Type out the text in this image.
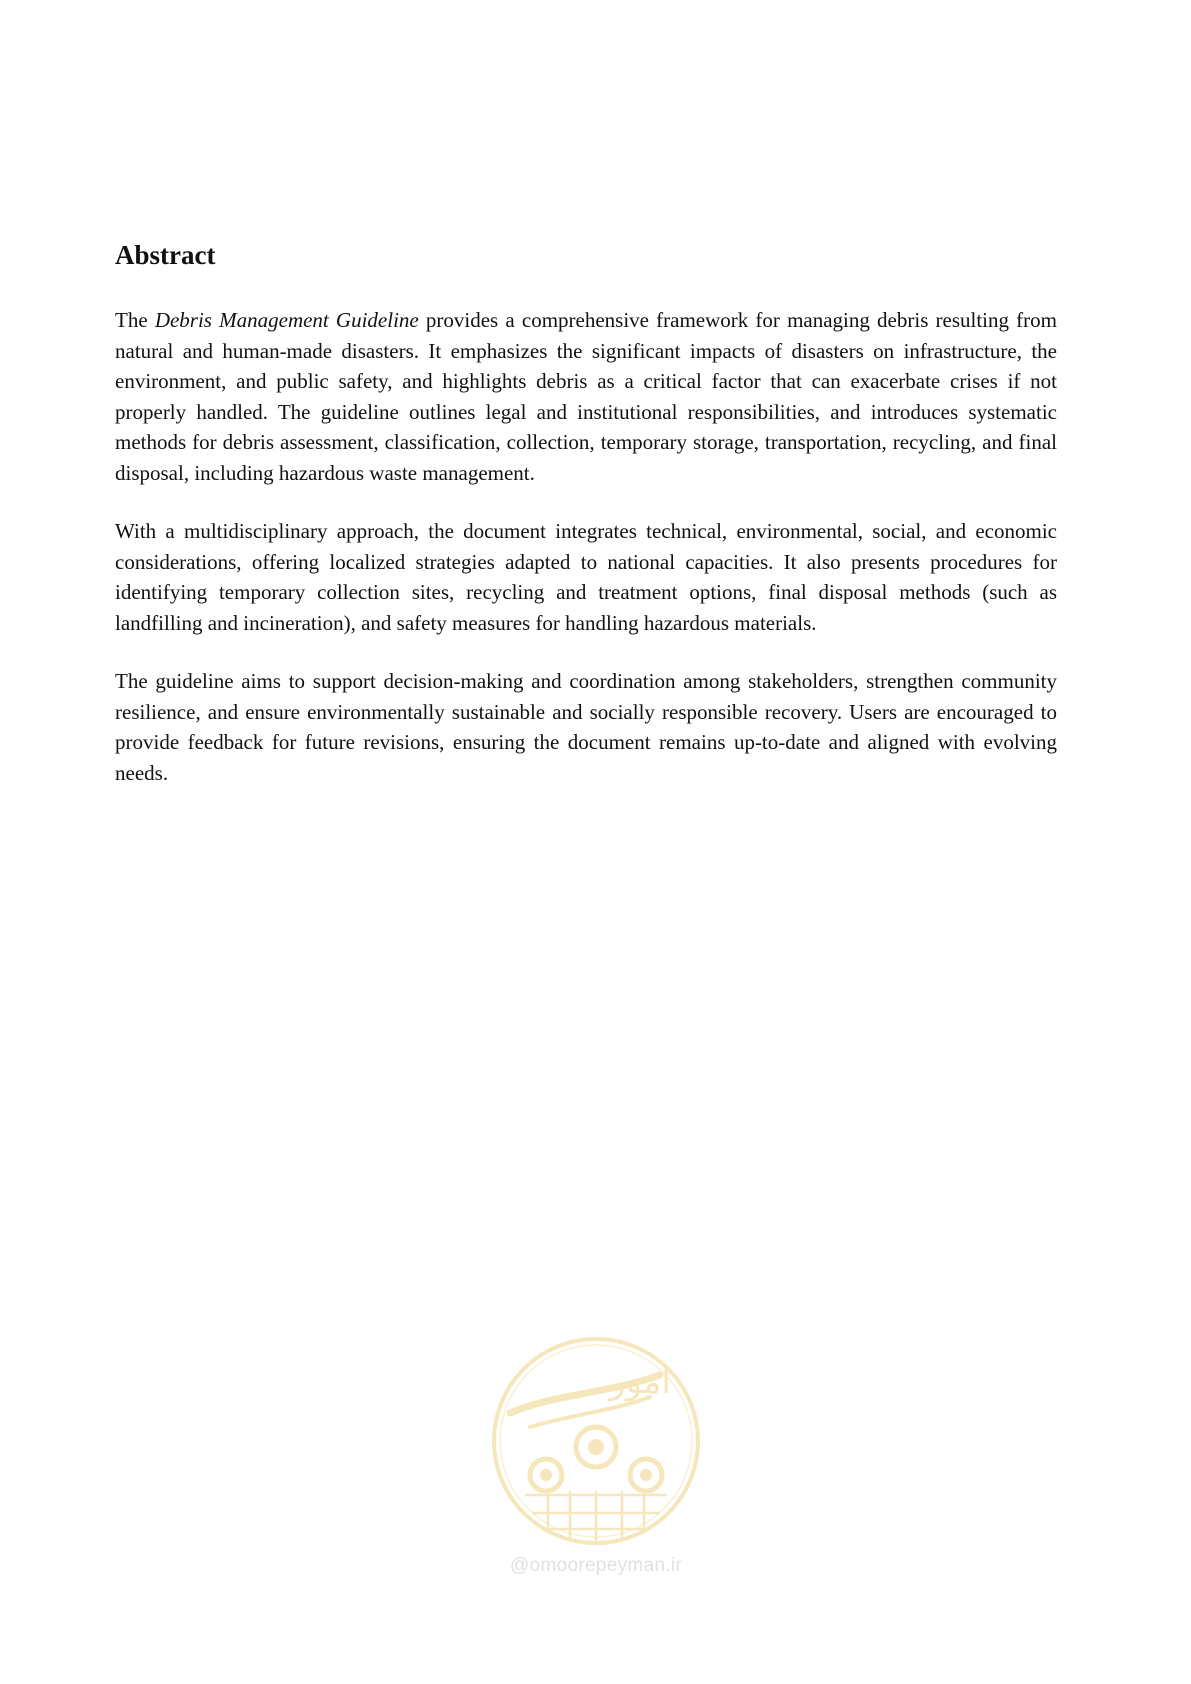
Abstract

The Debris Management Guideline provides a comprehensive framework for managing debris resulting from natural and human-made disasters. It emphasizes the significant impacts of disasters on infrastructure, the environment, and public safety, and highlights debris as a critical factor that can exacerbate crises if not properly handled. The guideline outlines legal and institutional responsibilities, and introduces systematic methods for debris assessment, classification, collection, temporary storage, transportation, recycling, and final disposal, including hazardous waste management.

With a multidisciplinary approach, the document integrates technical, environmental, social, and economic considerations, offering localized strategies adapted to national capacities. It also presents procedures for identifying temporary collection sites, recycling and treatment options, final disposal methods (such as landfilling and incineration), and safety measures for handling hazardous materials.

The guideline aims to support decision-making and coordination among stakeholders, strengthen community resilience, and ensure environmentally sustainable and socially responsible recovery. Users are encouraged to provide feedback for future revisions, ensuring the document remains up-to-date and aligned with evolving needs.

امور
@omoorepeyman.ir
